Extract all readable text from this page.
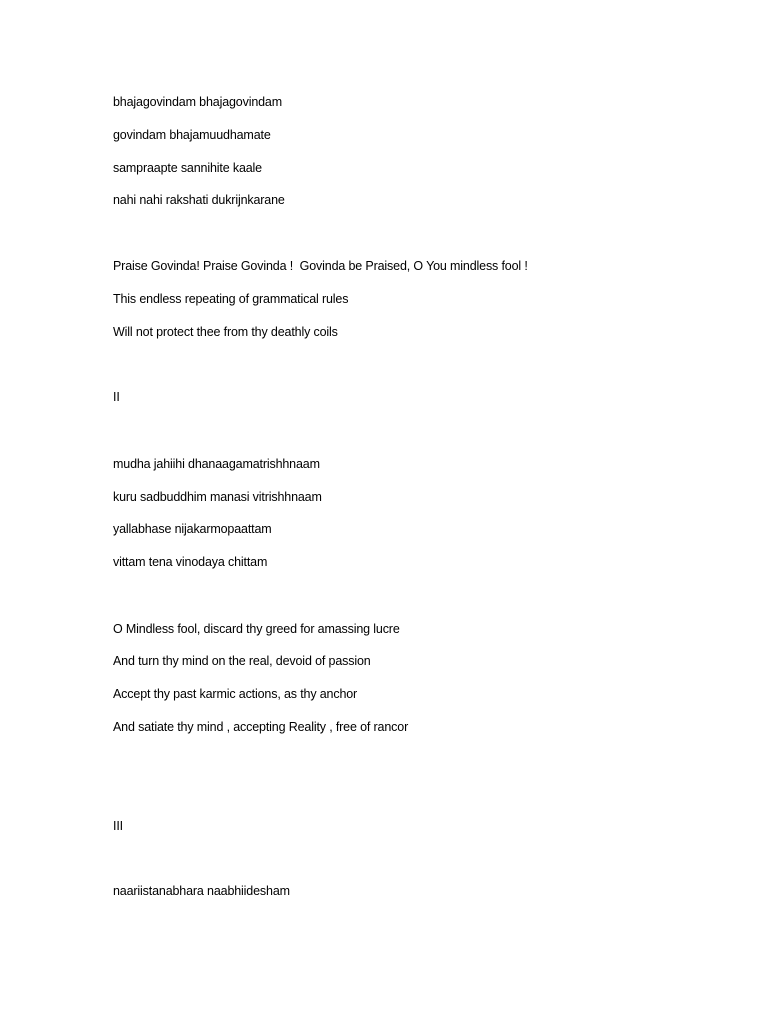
bhajagovindam bhajagovindam
govindam bhajamuudhamate
sampraapte sannihite kaale
nahi nahi rakshati dukrijnkarane
Praise Govinda! Praise Govinda !  Govinda be Praised, O You mindless fool !
This endless repeating of grammatical rules
Will not protect thee from thy deathly coils
II
mudha jahiihi dhanaagamatrishhnaam
kuru sadbuddhim manasi vitrishhnaam
yallabhase nijakarmopaattam
vittam tena vinodaya chittam
O Mindless fool, discard thy greed for amassing lucre
And turn thy mind on the real, devoid of passion
Accept thy past karmic actions, as thy anchor
And satiate thy mind , accepting Reality , free of rancor
III
naariistanabhara naabhiidesham
